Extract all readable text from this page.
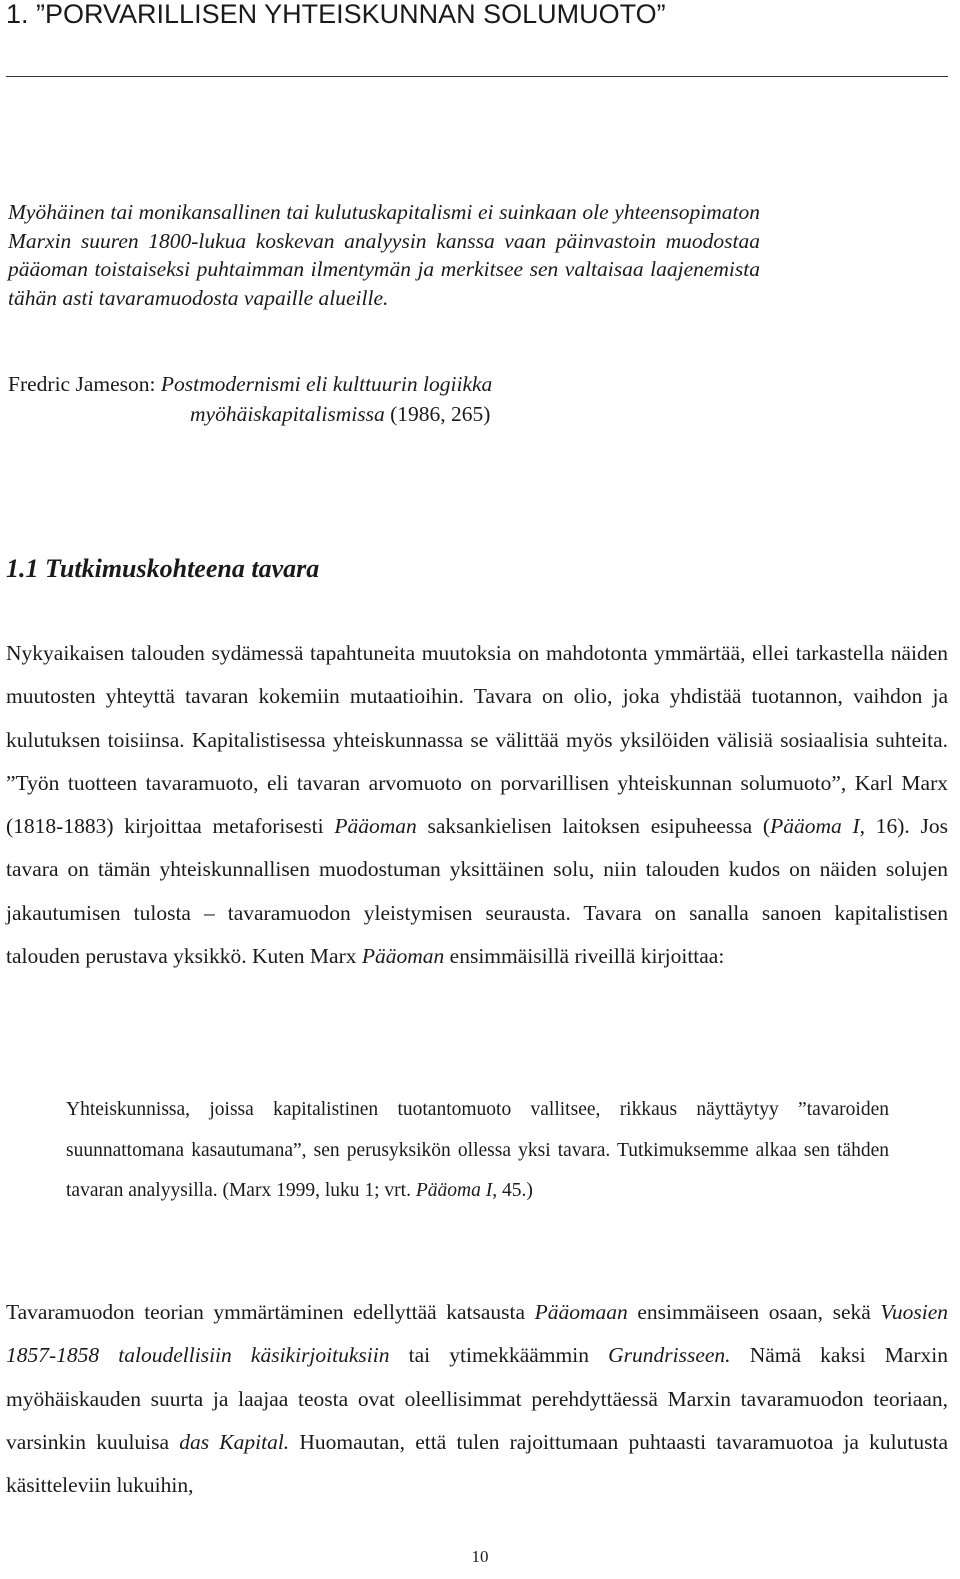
1. ”PORVARILLISEN YHTEISKUNNAN SOLUMUOTO”

Myöhäinen tai monikansallinen tai kulutuskapitalismi ei suinkaan ole yhteensopimaton Marxin suuren 1800-lukua koskevan analyysin kanssa vaan päinvastoin muodostaa pääoman toistaiseksi puhtaimman ilmentymän ja merkitsee sen valtaisaa laajenemista tähän asti tavaramuodosta vapaille alueille.

Fredric Jameson: Postmodernismi eli kulttuurin logiikka

myöhäiskapitalismissa (1986, 265)

1.1 Tutkimuskohteena tavara

Nykyaikaisen talouden sydämessä tapahtuneita muutoksia on mahdotonta ymmärtää, ellei tarkastella näiden muutosten yhteyttä tavaran kokemiin mutaatioihin. Tavara on olio, joka yhdistää tuotannon, vaihdon ja kulutuksen toisiinsa. Kapitalistisessa yhteiskunnassa se välittää myös yksilöiden välisiä sosiaalisia suhteita. ”Työn tuotteen tavaramuoto, eli tavaran arvomuoto on porvarillisen yhteiskunnan solumuoto”, Karl Marx (1818-1883) kirjoittaa metaforisesti Pääoman saksankielisen laitoksen esipuheessa (Pääoma I, 16). Jos tavara on tämän yhteiskunnallisen muodostuman yksittäinen solu, niin talouden kudos on näiden solujen jakautumisen tulosta – tavaramuodon yleistymisen seurausta. Tavara on sanalla sanoen kapitalistisen talouden perustava yksikkö. Kuten Marx Pääoman ensimmäisillä riveillä kirjoittaa:

Yhteiskunnissa, joissa kapitalistinen tuotantomuoto vallitsee, rikkaus näyttäytyy ”tavaroiden suunnattomana kasautumana”, sen perusyksikön ollessa yksi tavara. Tutkimuksemme alkaa sen tähden tavaran analyysilla. (Marx 1999, luku 1; vrt. Pääoma I, 45.)

Tavaramuodon teorian ymmärtäminen edellyttää katsausta Pääomaan ensimmäiseen osaan, sekä Vuosien 1857-1858 taloudellisiin käsikirjoituksiin tai ytimekkäämmin Grundrisseen. Nämä kaksi Marxin myöhäiskauden suurta ja laajaa teosta ovat oleellisimmat perehdyttäessä Marxin tavaramuodon teoriaan, varsinkin kuuluisa das Kapital. Huomautan, että tulen rajoittumaan puhtaasti tavaramuotoa ja kulutusta käsitteleviin lukuihin,

10
